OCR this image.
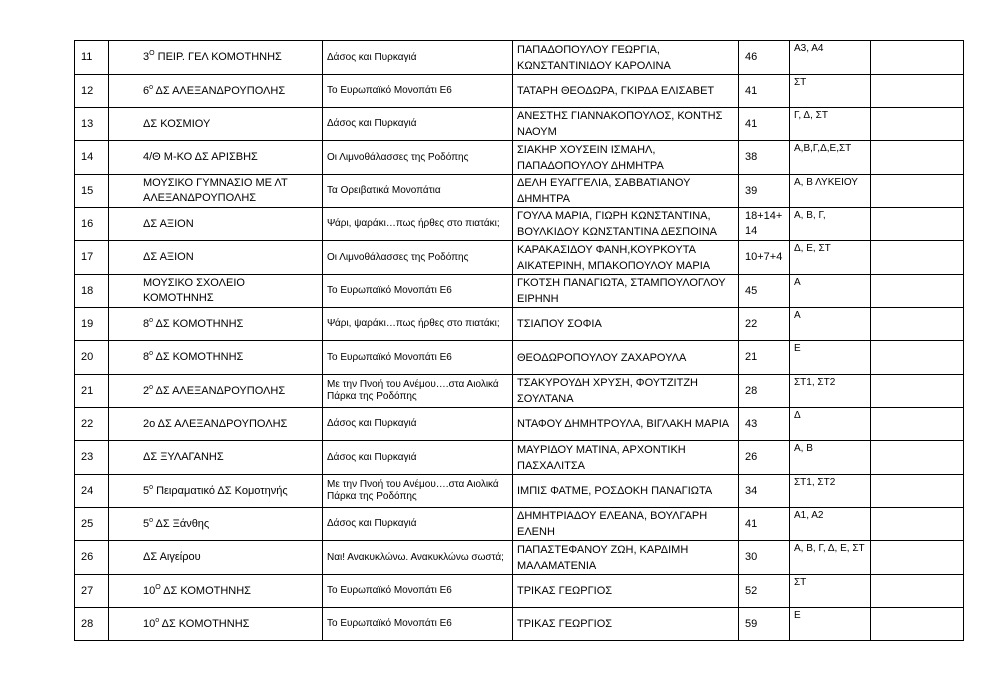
11	$3^O$ ΠΕΙΡ. ΓΕΛ ΚΟΜΟΤΗΝΗΣ	Δάσος και Πυρκαγιά	ΠΑΠΑΔΟΠΟΥΛΟΥ ΓΕΩΡΓΙΑ, ΚΩΝΣΤΑΝΤΙΝΙΔΟΥ ΚΑΡΟΛΙΝΑ	46	Α3, Α4	
12	$6^o$ ΔΣ ΑΛΕΞΑΝΔΡΟΥΠΟΛΗΣ	Το Ευρωπαϊκό Μονοπάτι Ε6	ΤΑΤΑΡΗ ΘΕΟΔΩΡΑ, ΓΚΙΡΔΑ ΕΛΙΣΑΒΕΤ	41	ΣΤ	
13	ΔΣ ΚΟΣΜΙΟΥ	Δάσος και Πυρκαγιά	ΑΝΕΣΤΗΣ ΓΙΑΝΝΑΚΟΠΟΥΛΟΣ, ΚΟΝΤΗΣ ΝΑΟΥΜ	41	Γ, Δ, ΣΤ	
14	4/Θ Μ-ΚΟ ΔΣ ΑΡΙΣΒΗΣ	Οι Λιμνοθάλασσες της Ροδόπης	ΣΙΑΚΗΡ ΧΟΥΣΕΙΝ ΙΣΜΑΗΛ, ΠΑΠΑΔΟΠΟΥΛΟΥ ΔΗΜΗΤΡΑ	38	Α,Β,Γ,Δ,Ε,ΣΤ	
15	ΜΟΥΣΙΚΟ ΓΥΜΝΑΣΙΟ ΜΕ ΛΤ ΑΛΕΞΑΝΔΡΟΥΠΟΛΗΣ	Τα Ορειβατικά Μονοπάτια	ΔΕΛΗ ΕΥΑΓΓΕΛΙΑ, ΣΑΒΒΑΤΙΑΝΟΥ ΔΗΜΗΤΡΑ	39	Α, Β ΛΥΚΕΙΟΥ	
16	ΔΣ ΑΞΙΟΝ	Ψάρι, ψαράκι…πως ήρθες στο πιατάκι;	ΓΟΥΛΑ ΜΑΡΙΑ, ΓΙΩΡΗ ΚΩΝΣΤΑΝΤΙΝΑ, ΒΟΥΛΚΙΔΟΥ ΚΩΝΣΤΑΝΤΙΝΑ ΔΕΣΠΟΙΝΑ	18+14+ 14	Α, Β, Γ,	
17	ΔΣ ΑΞΙΟΝ	Οι Λιμνοθάλασσες της Ροδόπης	ΚΑΡΑΚΑΣΙΔΟΥ ΦΑΝΗ,ΚΟΥΡΚΟΥΤΑ ΑΙΚΑΤΕΡΙΝΗ, ΜΠΑΚΟΠΟΥΛΟΥ ΜΑΡΙΑ	10+7+4	Δ, Ε, ΣΤ	
18	ΜΟΥΣΙΚΟ ΣΧΟΛΕΙΟ ΚΟΜΟΤΗΝΗΣ	Το Ευρωπαϊκό Μονοπάτι Ε6	ΓΚΟΤΣΗ ΠΑΝΑΓΙΩΤΑ, ΣΤΑΜΠΟΥΛΟΓΛΟΥ ΕΙΡΗΝΗ	45	Α	
19	$8^o$ ΔΣ ΚΟΜΟΤΗΝΗΣ	Ψάρι, ψαράκι…πως ήρθες στο πιατάκι;	ΤΣΙΑΠΟΥ ΣΟΦΙΑ	22	Α	
20	$8^o$ ΔΣ ΚΟΜΟΤΗΝΗΣ	Το Ευρωπαϊκό Μονοπάτι Ε6	ΘΕΟΔΩΡΟΠΟΥΛΟΥ ΖΑΧΑΡΟΥΛΑ	21	Ε	
21	$2^o$ ΔΣ ΑΛΕΞΑΝΔΡΟΥΠΟΛΗΣ	Με την Πνοή του Ανέμου….στα Αιολικά Πάρκα της Ροδόπης	ΤΣΑΚΥΡΟΥΔΗ ΧΡΥΣΗ, ΦΟΥΤΖΙΤΖΗ ΣΟΥΛΤΑΝΑ	28	ΣΤ1, ΣΤ2	
22	2ο ΔΣ ΑΛΕΞΑΝΔΡΟΥΠΟΛΗΣ	Δάσος και Πυρκαγιά	ΝΤΑΦΟΥ ΔΗΜΗΤΡΟΥΛΑ, ΒΙΓΛΑΚΗ ΜΑΡΙΑ	43	Δ	
23	ΔΣ ΞΥΛΑΓΑΝΗΣ	Δάσος και Πυρκαγιά	ΜΑΥΡΙΔΟΥ ΜΑΤΙΝΑ, ΑΡΧΟΝΤΙΚΗ ΠΑΣΧΑΛΙΤΣΑ	26	Α, Β	
24	$5^o$ Πειραματικό ΔΣ Κομοτηνής	Με την Πνοή του Ανέμου….στα Αιολικά Πάρκα της Ροδόπης	ΙΜΠΙΣ ΦΑΤΜΕ, ΡΟΣΔΟΚΗ ΠΑΝΑΓΙΩΤΑ	34	ΣΤ1, ΣΤ2	
25	$5^o$ ΔΣ Ξάνθης	Δάσος και Πυρκαγιά	ΔΗΜΗΤΡΙΑΔΟΥ ΕΛΕΑΝΑ, ΒΟΥΛΓΑΡΗ ΕΛΕΝΗ	41	Α1, Α2	
26	ΔΣ Αιγείρου	Ναι! Ανακυκλώνω. Ανακυκλώνω σωστά;	ΠΑΠΑΣΤΕΦΑΝΟΥ ΖΩΗ, ΚΑΡΔΙΜΗ ΜΑΛΑΜΑΤΕΝΙΑ	30	Α, Β, Γ, Δ, Ε, ΣΤ	
27	$10^O$ ΔΣ ΚΟΜΟΤΗΝΗΣ	Το Ευρωπαϊκό Μονοπάτι Ε6	ΤΡΙΚΑΣ ΓΕΩΡΓΙΟΣ	52	ΣΤ	
28	$10^o$ ΔΣ ΚΟΜΟΤΗΝΗΣ	Το Ευρωπαϊκό Μονοπάτι Ε6	ΤΡΙΚΑΣ ΓΕΩΡΓΙΟΣ	59	Ε	
